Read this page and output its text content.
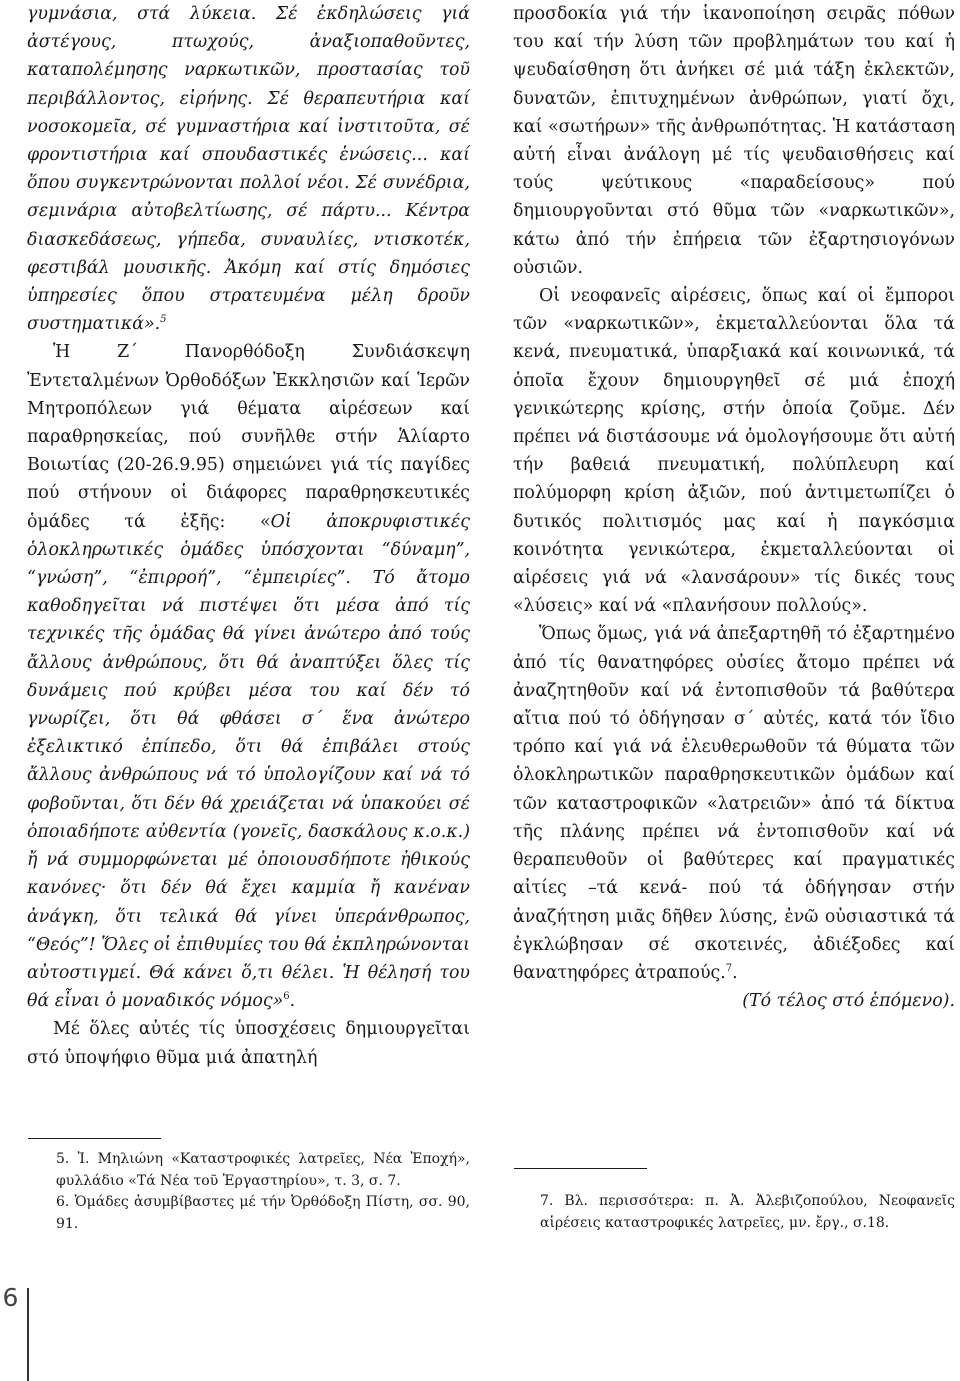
γυμνάσια, στά λύκεια. Σέ ἐκδηλώσεις γιά ἀστέγους, πτωχούς, ἀναξιοπαθοῦντες, καταπολέμησης ναρκωτικῶν, προστασίας τοῦ περιβάλλοντος, εἰρήνης. Σέ θεραπευτήρια καί νοσοκομεῖα, σέ γυμναστήρια καί ἰνστιτοῦτα, σέ φροντιστήρια καί σπουδαστικές ἑνώσεις... καί ὅπου συγκεντρώνονται πολλοί νέοι. Σέ συνέδρια, σεμινάρια αὐτοβελτίωσης, σέ πάρτυ... Κέντρα διασκεδάσεως, γήπεδα, συναυλίες, ντισκοτέκ, φεστιβάλ μουσικῆς. Ἀκόμη καί στίς δημόσιες ὑπηρεσίες ὅπου στρατευμένα μέλη δροῦν συστηματικά».$^5$

Ἡ Ζ΄ Πανορθόδοξη Συνδιάσκεψη Ἐντεταλμένων Ὀρθοδόξων Ἐκκλησιῶν καί Ἱερῶν Μητροπόλεων γιά θέματα αἱρέσεων καί παραθρησκείας, πού συνῆλθε στήν Ἁλίαρτο Βοιωτίας (20-26.9.95) σημειώνει γιά τίς παγίδες πού στήνουν οἱ διάφορες παραθρησκευτικές ὁμάδες τά ἑξῆς: «Οἱ ἀποκρυφιστικές ὁλοκληρωτικές ὁμάδες ὑπόσχονται “δύναμη”, “γνώση”, “ἐπιρροή”, “ἐμπειρίες”. Τό ἄτομο καθοδηγεῖται νά πιστέψει ὅτι μέσα ἀπό τίς τεχνικές τῆς ὁμάδας θά γίνει ἀνώτερο ἀπό τούς ἄλλους ἀνθρώπους, ὅτι θά ἀναπτύξει ὅλες τίς δυνάμεις πού κρύβει μέσα του καί δέν τό γνωρίζει, ὅτι θά φθάσει σ΄ ἕνα ἀνώτερο ἐξελικτικό ἐπίπεδο, ὅτι θά ἐπιβάλει στούς ἄλλους ἀνθρώπους νά τό ὑπολογίζουν καί νά τό φοβοῦνται, ὅτι δέν θά χρειάζεται νά ὑπακούει σέ ὁποιαδήποτε αὐθεντία (γονεῖς, δασκάλους κ.ο.κ.) ἤ νά συμμορφώνεται μέ ὁποιουσδήποτε ἠθικούς κανόνες· ὅτι δέν θά ἔχει καμμία ἤ κανέναν ἀνάγκη, ὅτι τελικά θά γίνει ὑπεράνθρωπος, “Θεός”! Ὅλες οἱ ἐπιθυμίες του θά ἐκπληρώνονται αὐτοστιγμεί. Θά κάνει ὅ,τι θέλει. Ἡ θέλησή του θά εἶναι ὁ μοναδικός νόμος»$^6$.

Μέ ὅλες αὐτές τίς ὑποσχέσεις δημιουργεῖται στό ὑποψήφιο θῦμα μιά ἀπατηλή

προσδοκία γιά τήν ἱκανοποίηση σειρᾶς πόθων του καί τήν λύση τῶν προβλημάτων του καί ἡ ψευδαίσθηση ὅτι ἀνήκει σέ μιά τάξη ἐκλεκτῶν, δυνατῶν, ἐπιτυχημένων ἀνθρώπων, γιατί ὄχι, καί «σωτήρων» τῆς ἀνθρωπότητας. Ἡ κατάσταση αὐτή εἶναι ἀνάλογη μέ τίς ψευδαισθήσεις καί τούς ψεύτικους «παραδείσους» πού δημιουργοῦνται στό θῦμα τῶν «ναρκωτικῶν», κάτω ἀπό τήν ἐπήρεια τῶν ἐξαρτησιογόνων οὐσιῶν.

Οἱ νεοφανεῖς αἱρέσεις, ὅπως καί οἱ ἔμποροι τῶν «ναρκωτικῶν», ἐκμεταλλεύονται ὅλα τά κενά, πνευματικά, ὑπαρξιακά καί κοινωνικά, τά ὁποῖα ἔχουν δημιουργηθεῖ σέ μιά ἐποχή γενικώτερης κρίσης, στήν ὁποία ζοῦμε. Δέν πρέπει νά διστάσουμε νά ὁμολογήσουμε ὅτι αὐτή τήν βαθειά πνευματική, πολύπλευρη καί πολύμορφη κρίση ἀξιῶν, πού ἀντιμετωπίζει ὁ δυτικός πολιτισμός μας καί ἡ παγκόσμια κοινότητα γενικώτερα, ἐκμεταλλεύονται οἱ αἱρέσεις γιά νά «λανσάρουν» τίς δικές τους «λύσεις» καί νά «πλανήσουν πολλούς».

Ὅπως ὅμως, γιά νά ἀπεξαρτηθῆ τό ἐξαρτημένο ἀπό τίς θανατηφόρες οὐσίες ἄτομο πρέπει νά ἀναζητηθοῦν καί νά ἐντοπισθοῦν τά βαθύτερα αἴτια πού τό ὁδήγησαν σ΄ αὐτές, κατά τόν ἴδιο τρόπο καί γιά νά ἐλευθερωθοῦν τά θύματα τῶν ὁλοκληρωτικῶν παραθρησκευτικῶν ὁμάδων καί τῶν καταστροφικῶν «λατρειῶν» ἀπό τά δίκτυα τῆς πλάνης πρέπει νά ἐντοπισθοῦν καί νά θεραπευθοῦν οἱ βαθύτερες καί πραγματικές αἰτίες –τά κενά- πού τά ὁδήγησαν στήν ἀναζήτηση μιᾶς δῆθεν λύσης, ἐνῶ οὐσιαστικά τά ἐγκλώβησαν σέ σκοτεινές, ἀδιέξοδες καί θανατηφόρες ἀτραπούς.$^7$.

(Τό τέλος στό ἑπόμενο).

5. Ἰ. Μηλιώνη «Καταστροφικές λατρεῖες, Νέα Ἐποχή», φυλλάδιο «Τά Νέα τοῦ Ἐργαστηρίου», τ. 3, σ. 7.

6. Ὁμάδες ἀσυμβίβαστες μέ τήν Ὀρθόδοξη Πίστη, σσ. 90, 91.

7. Βλ. περισσότερα: π. Ἀ. Ἀλεβιζοπούλου, Νεοφανεῖς αἱρέσεις καταστροφικές λατρεῖες, μν. ἔργ., σ.18.

6
